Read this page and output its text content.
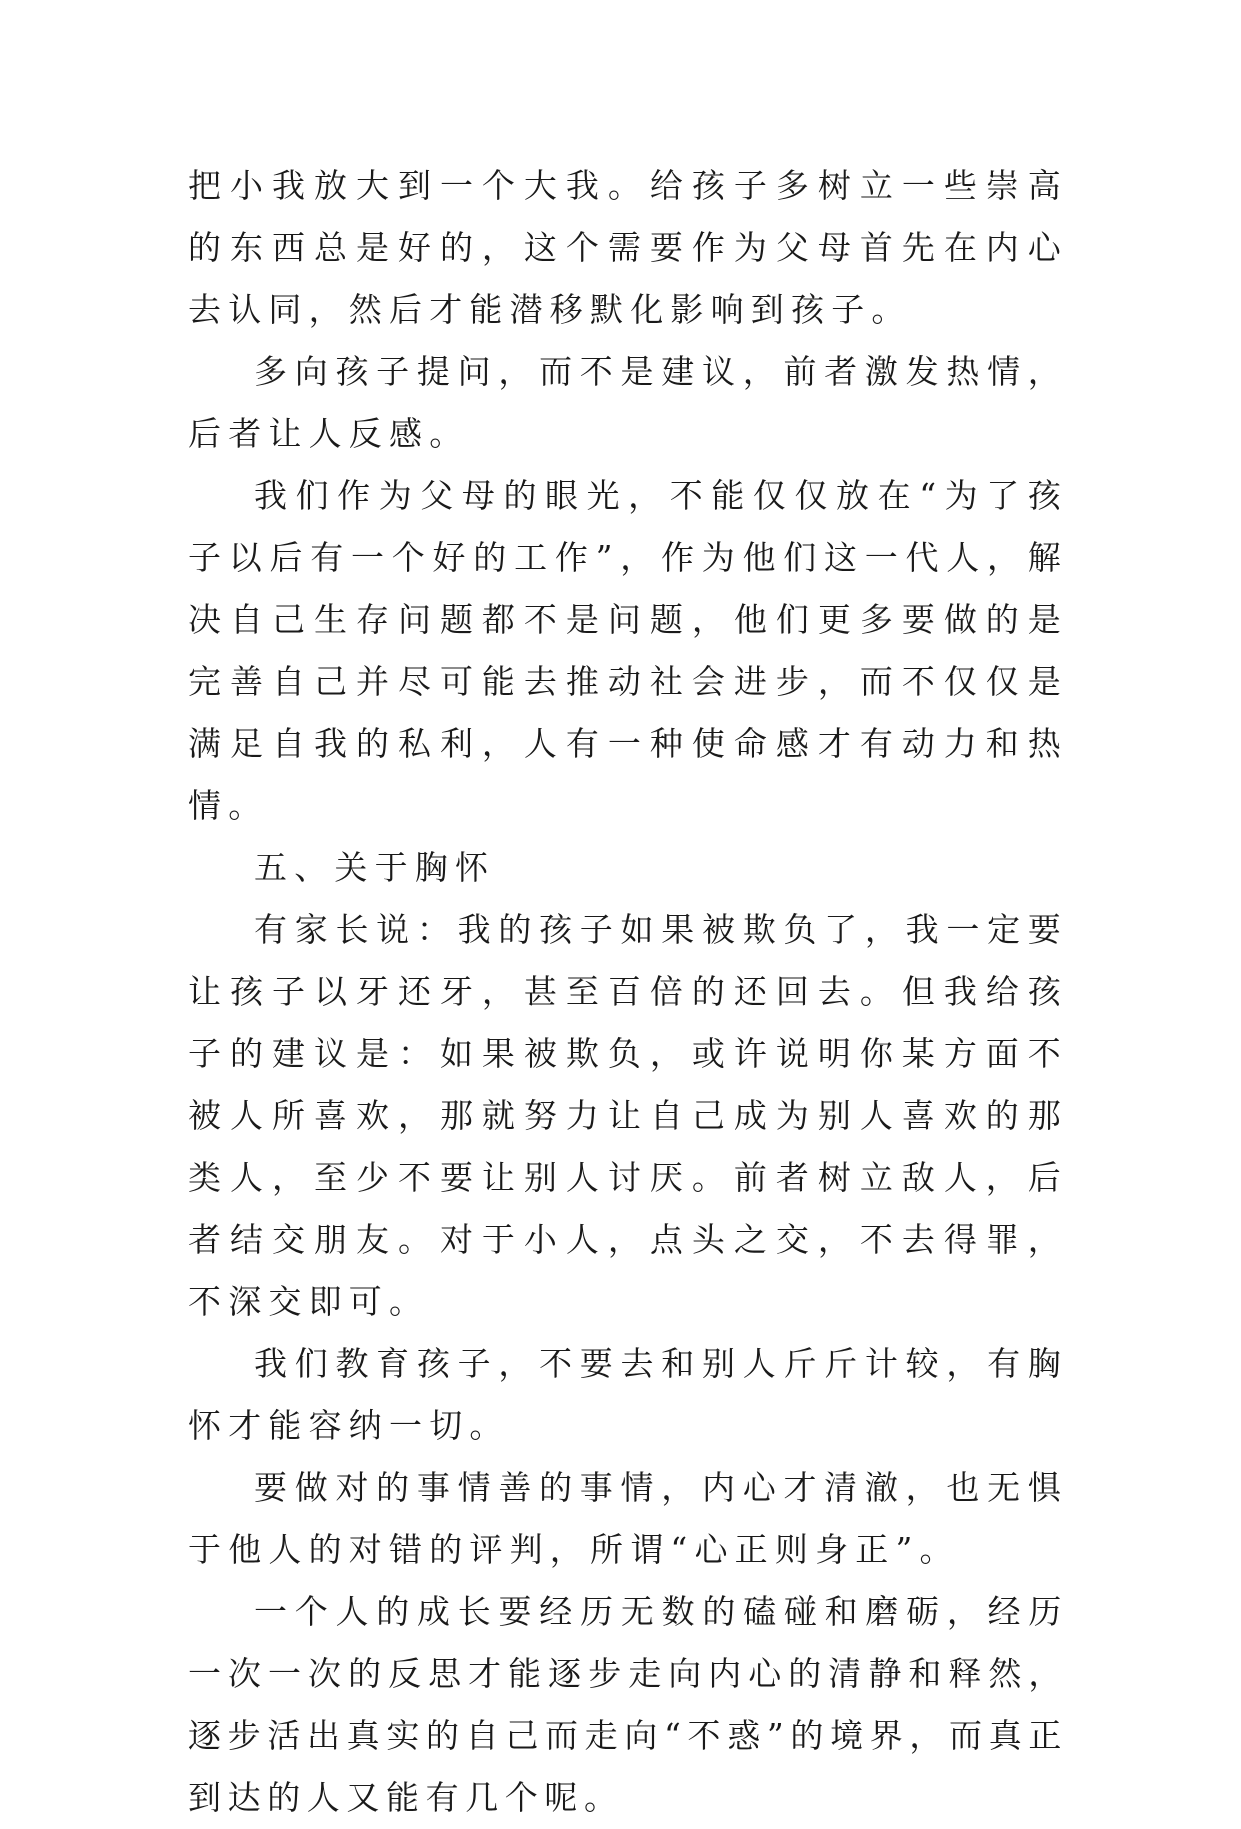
把小我放大到一个大我。给孩子多树立一些崇高的东西总是好的，这个需要作为父母首先在内心去认同，然后才能潜移默化影响到孩子。

多向孩子提问，而不是建议，前者激发热情，后者让人反感。

我们作为父母的眼光，不能仅仅放在“为了孩子以后有一个好的工作”，作为他们这一代人，解决自己生存问题都不是问题，他们更多要做的是完善自己并尽可能去推动社会进步，而不仅仅是满足自我的私利，人有一种使命感才有动力和热情。

五、关于胸怀

有家长说：我的孩子如果被欺负了，我一定要让孩子以牙还牙，甚至百倍的还回去。但我给孩子的建议是：如果被欺负，或许说明你某方面不被人所喜欢，那就努力让自己成为别人喜欢的那类人，至少不要让别人讨厌。前者树立敌人，后者结交朋友。对于小人，点头之交，不去得罪，不深交即可。

我们教育孩子，不要去和别人斤斤计较，有胸怀才能容纳一切。

要做对的事情善的事情，内心才清澈，也无惧于他人的对错的评判，所谓“心正则身正”。

一个人的成长要经历无数的磕碰和磨砺，经历一次一次的反思才能逐步走向内心的清静和释然，逐步活出真实的自己而走向“不惑”的境界，而真正到达的人又能有几个呢。
